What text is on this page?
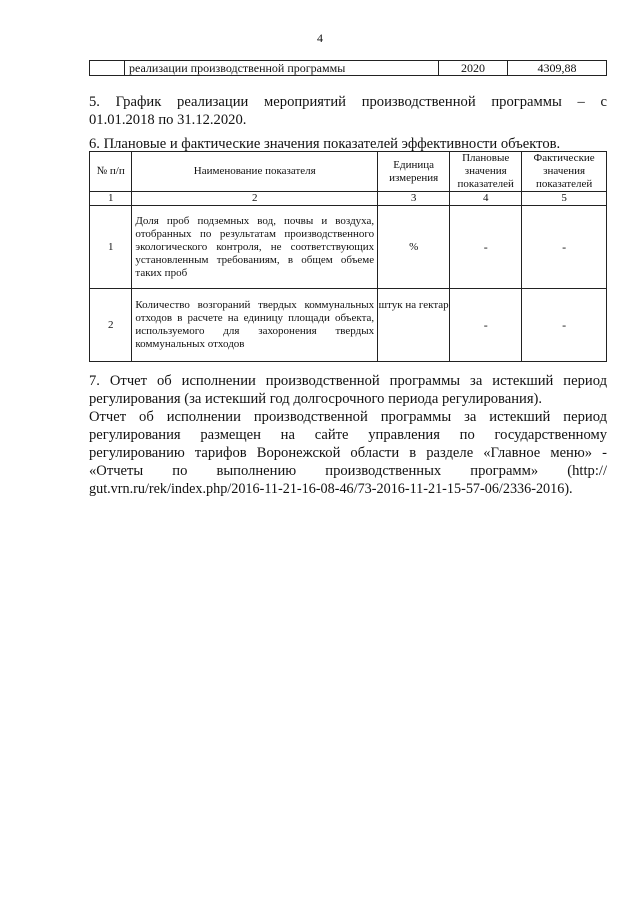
4
	реализации производственной программы	2020	4309,88

5. График реализации мероприятий производственной программы – с

01.01.2018 по 31.12.2020.

6. Плановые и фактические значения показателей эффективности объектов.

№ п/п	Наименование показателя	Единица измерения	Плановые значения показателей	Фактические значения показателей
1	2	3	4	5
1	Доля проб подземных вод, почвы и воздуха, отобранных по результатам производственного экологического контроля, не соответствующих установленным требованиям, в общем объеме таких проб	%	-	-
2	Количество возгораний твердых коммунальных отходов в расчете на единицу площади объекта, используемого для захоронения твердых коммунальных отходов	штук на гектар	-	-

7. Отчет об исполнении производственной программы за истекший период

регулирования (за истекший год долгосрочного периода регулирования).

Отчет об исполнении производственной программы за истекший период

регулирования размещен на сайте управления по государственному

регулированию тарифов Воронежской области в разделе «Главное меню» -

«Отчеты по выполнению производственных программ» (http://

gut.vrn.ru/rek/index.php/2016-11-21-16-08-46/73-2016-11-21-15-57-06/2336-2016).
